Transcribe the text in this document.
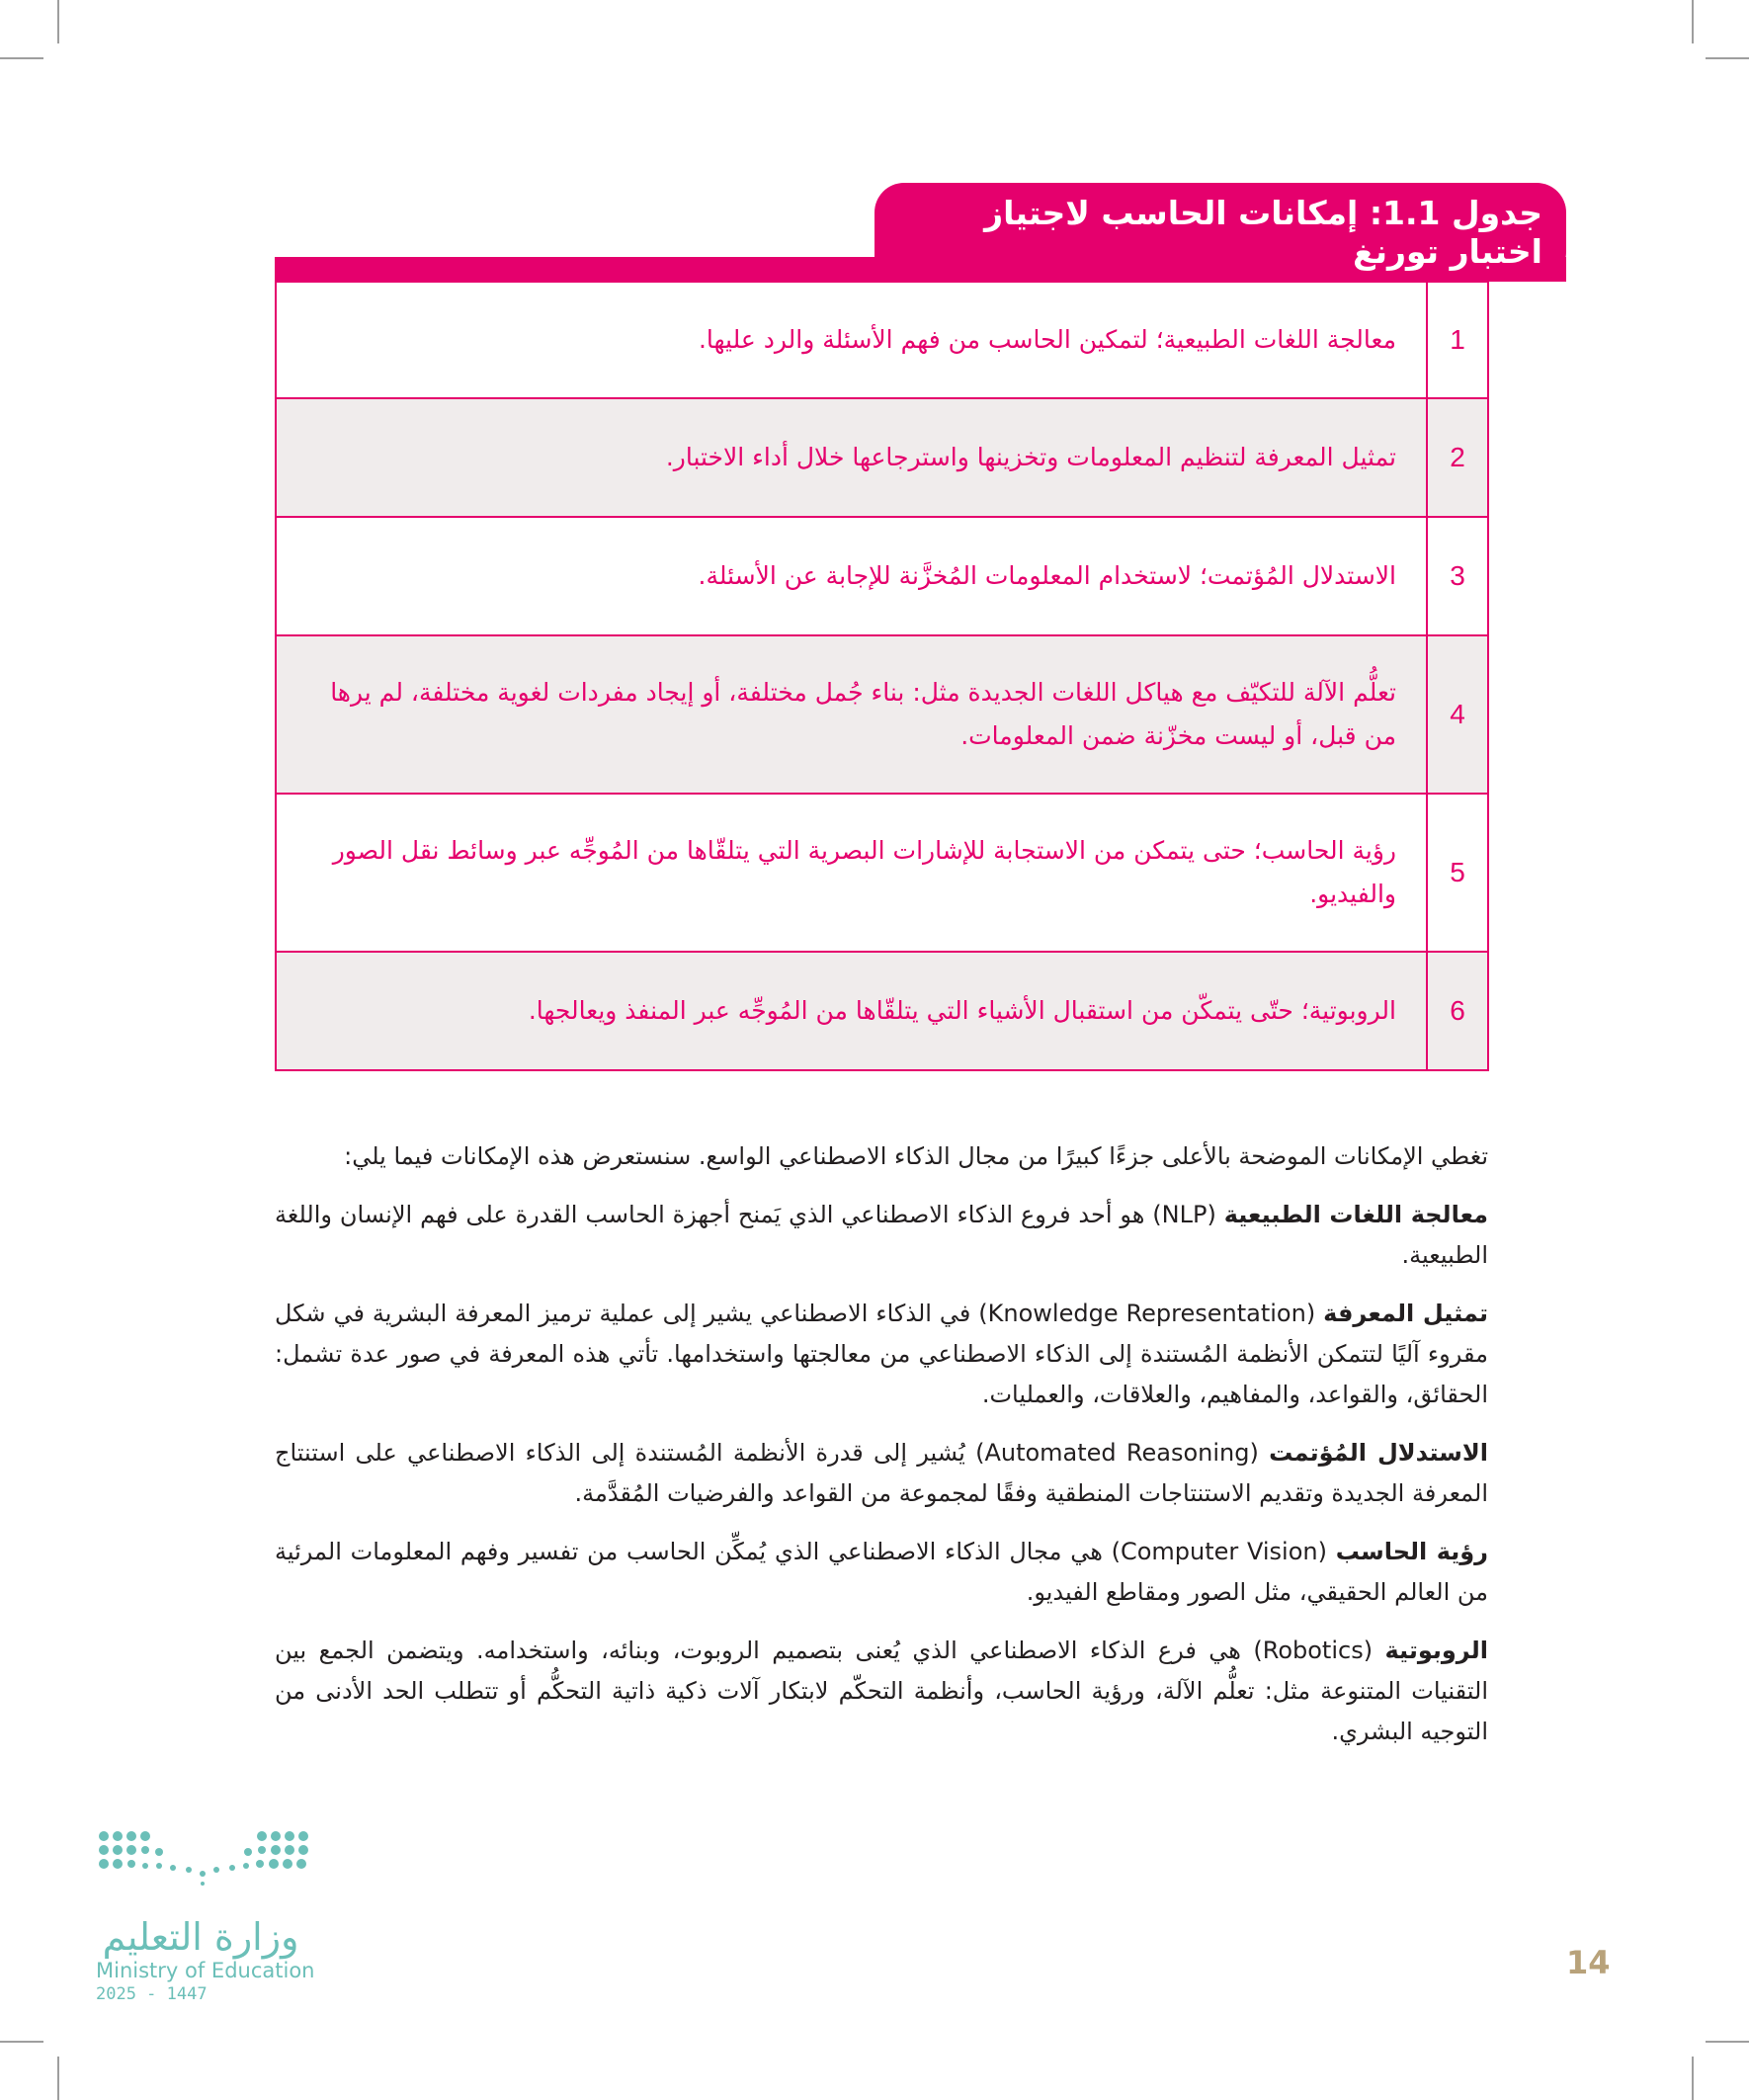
جدول 1.1: إمكانات الحاسب لاجتياز اختبار تورنغ
1	معالجة اللغات الطبيعية؛ لتمكين الحاسب من فهم الأسئلة والرد عليها.
2	تمثيل المعرفة لتنظيم المعلومات وتخزينها واسترجاعها خلال أداء الاختبار.
3	الاستدلال المُؤتمت؛ لاستخدام المعلومات المُخزَّنة للإجابة عن الأسئلة.
4	تعلُّم الآلة للتكيّف مع هياكل اللغات الجديدة مثل: بناء جُمل مختلفة، أو إيجاد مفردات لغوية مختلفة، لم يرها من قبل، أو ليست مخزّنة ضمن المعلومات.
5	رؤية الحاسب؛ حتى يتمكن من الاستجابة للإشارات البصرية التي يتلقّاها من المُوجِّه عبر وسائط نقل الصور والفيديو.
6	الروبوتية؛ حتّى يتمكّن من استقبال الأشياء التي يتلقّاها من المُوجِّه عبر المنفذ ويعالجها.

تغطي الإمكانات الموضحة بالأعلى جزءًا كبيرًا من مجال الذكاء الاصطناعي الواسع. سنستعرض هذه الإمكانات فيما يلي:

معالجة اللغات الطبيعية (NLP) هو أحد فروع الذكاء الاصطناعي الذي يَمنح أجهزة الحاسب القدرة على فهم الإنسان واللغة الطبيعية.

تمثيل المعرفة (Knowledge Representation) في الذكاء الاصطناعي يشير إلى عملية ترميز المعرفة البشرية في شكل مقروء آليًا لتتمكن الأنظمة المُستندة إلى الذكاء الاصطناعي من معالجتها واستخدامها. تأتي هذه المعرفة في صور عدة تشمل: الحقائق، والقواعد، والمفاهيم، والعلاقات، والعمليات.

الاستدلال المُؤتمت (Automated Reasoning) يُشير إلى قدرة الأنظمة المُستندة إلى الذكاء الاصطناعي على استنتاج المعرفة الجديدة وتقديم الاستنتاجات المنطقية وفقًا لمجموعة من القواعد والفرضيات المُقدَّمة.

رؤية الحاسب (Computer Vision) هي مجال الذكاء الاصطناعي الذي يُمكِّن الحاسب من تفسير وفهم المعلومات المرئية من العالم الحقيقي، مثل الصور ومقاطع الفيديو.

الروبوتية (Robotics) هي فرع الذكاء الاصطناعي الذي يُعنى بتصميم الروبوت، وبنائه، واستخدامه. ويتضمن الجمع بين التقنيات المتنوعة مثل: تعلُّم الآلة، ورؤية الحاسب، وأنظمة التحكّم لابتكار آلات ذكية ذاتية التحكُّم أو تتطلب الحد الأدنى من التوجيه البشري.

وزارة التعليم
Ministry of Education
2025 - 1447
14
